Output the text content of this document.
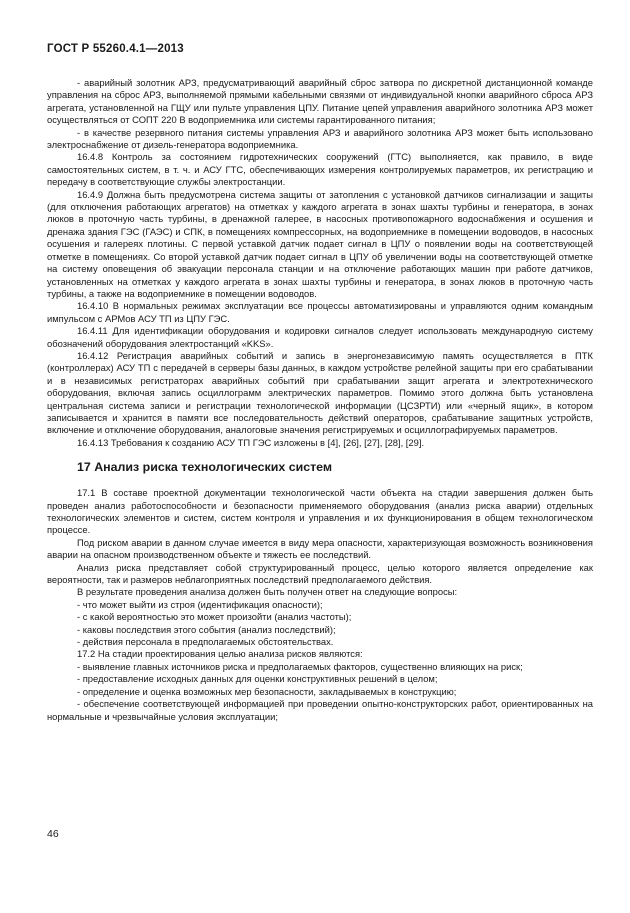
ГОСТ Р 55260.4.1—2013

- аварийный золотник АРЗ, предусматривающий аварийный сброс затвора по дискретной дистанционной команде управления на сброс АРЗ, выполняемой прямыми кабельными связями от индивидуальной кнопки аварийного сброса АРЗ агрегата, установленной на ГЩУ или пульте управления ЦПУ. Питание цепей управления аварийного золотника АРЗ может осуществляться от СОПТ 220 В водоприемника или системы гарантированного питания;

- в качестве резервного питания системы управления АРЗ и аварийного золотника АРЗ может быть использовано электроснабжение от дизель-генератора водоприемника.

16.4.8 Контроль за состоянием гидротехнических сооружений (ГТС) выполняется, как правило, в виде самостоятельных систем, в т. ч. и АСУ ГТС, обеспечивающих измерения контролируемых параметров, их регистрацию и передачу в соответствующие службы электростанции.

16.4.9 Должна быть предусмотрена система защиты от затопления с установкой датчиков сигнализации и защиты (для отключения работающих агрегатов) на отметках у каждого агрегата в зонах шахты турбины и генератора, в зонах люков в проточную часть турбины, в дренажной галерее, в насосных противопожарного водоснабжения и осушения и дренажа здания ГЭС (ГАЭС) и СПК, в помещениях компрессорных, на водоприемнике в помещении водоводов, в насосных осушения и галереях плотины. С первой уставкой датчик подает сигнал в ЦПУ о появлении воды на соответствующей отметке в помещениях. Со второй уставкой датчик подает сигнал в ЦПУ об увеличении воды на соответствующей отметке на систему оповещения об эвакуации персонала станции и на отключение работающих машин при работе датчиков, установленных на отметках у каждого агрегата в зонах шахты турбины и генератора, в зонах люков в проточную часть турбины, а также на водоприемнике в помещении водоводов.

16.4.10 В нормальных режимах эксплуатации все процессы автоматизированы и управляются одним командным импульсом с АРМов АСУ ТП из ЦПУ ГЭС.

16.4.11 Для идентификации оборудования и кодировки сигналов следует использовать международную систему обозначений оборудования электростанций «KKS».

16.4.12 Регистрация аварийных событий и запись в энергонезависимую память осуществляется в ПТК (контроллерах) АСУ ТП с передачей в серверы базы данных, в каждом устройстве релейной защиты при его срабатывании и в независимых регистраторах аварийных событий при срабатывании защит агрегата и электротехнического оборудования, включая запись осциллограмм электрических параметров. Помимо этого должна быть установлена центральная система записи и регистрации технологической информации (ЦСЗРТИ) или «черный ящик», в котором записывается и хранится в памяти все последовательность действий операторов, срабатывание защитных устройств, включение и отключение оборудования, аналоговые значения регистрируемых и осциллографируемых параметров.

16.4.13 Требования к созданию АСУ ТП ГЭС изложены в [4], [26], [27], [28], [29].

17 Анализ риска технологических систем

17.1 В составе проектной документации технологической части объекта на стадии завершения должен быть проведен анализ работоспособности и безопасности применяемого оборудования (анализ риска аварии) отдельных технологических элементов и систем, систем контроля и управления и их функционирования в общем технологическом процессе.

Под риском аварии в данном случае имеется в виду мера опасности, характеризующая возможность возникновения аварии на опасном производственном объекте и тяжесть ее последствий.

Анализ риска представляет собой структурированный процесс, целью которого является определение как вероятности, так и размеров неблагоприятных последствий предполагаемого действия.

В результате проведения анализа должен быть получен ответ на следующие вопросы:

- что может выйти из строя (идентификация опасности);

- с какой вероятностью это может произойти (анализ частоты);

- каковы последствия этого события (анализ последствий);

- действия персонала в предполагаемых обстоятельствах.

17.2 На стадии проектирования целью анализа рисков являются:

- выявление главных источников риска и предполагаемых факторов, существенно влияющих на риск;

- предоставление исходных данных для оценки конструктивных решений в целом;

- определение и оценка возможных мер безопасности, закладываемых в конструкцию;

- обеспечение соответствующей информацией при проведении опытно-конструкторских работ, ориентированных на нормальные и чрезвычайные условия эксплуатации;

46
